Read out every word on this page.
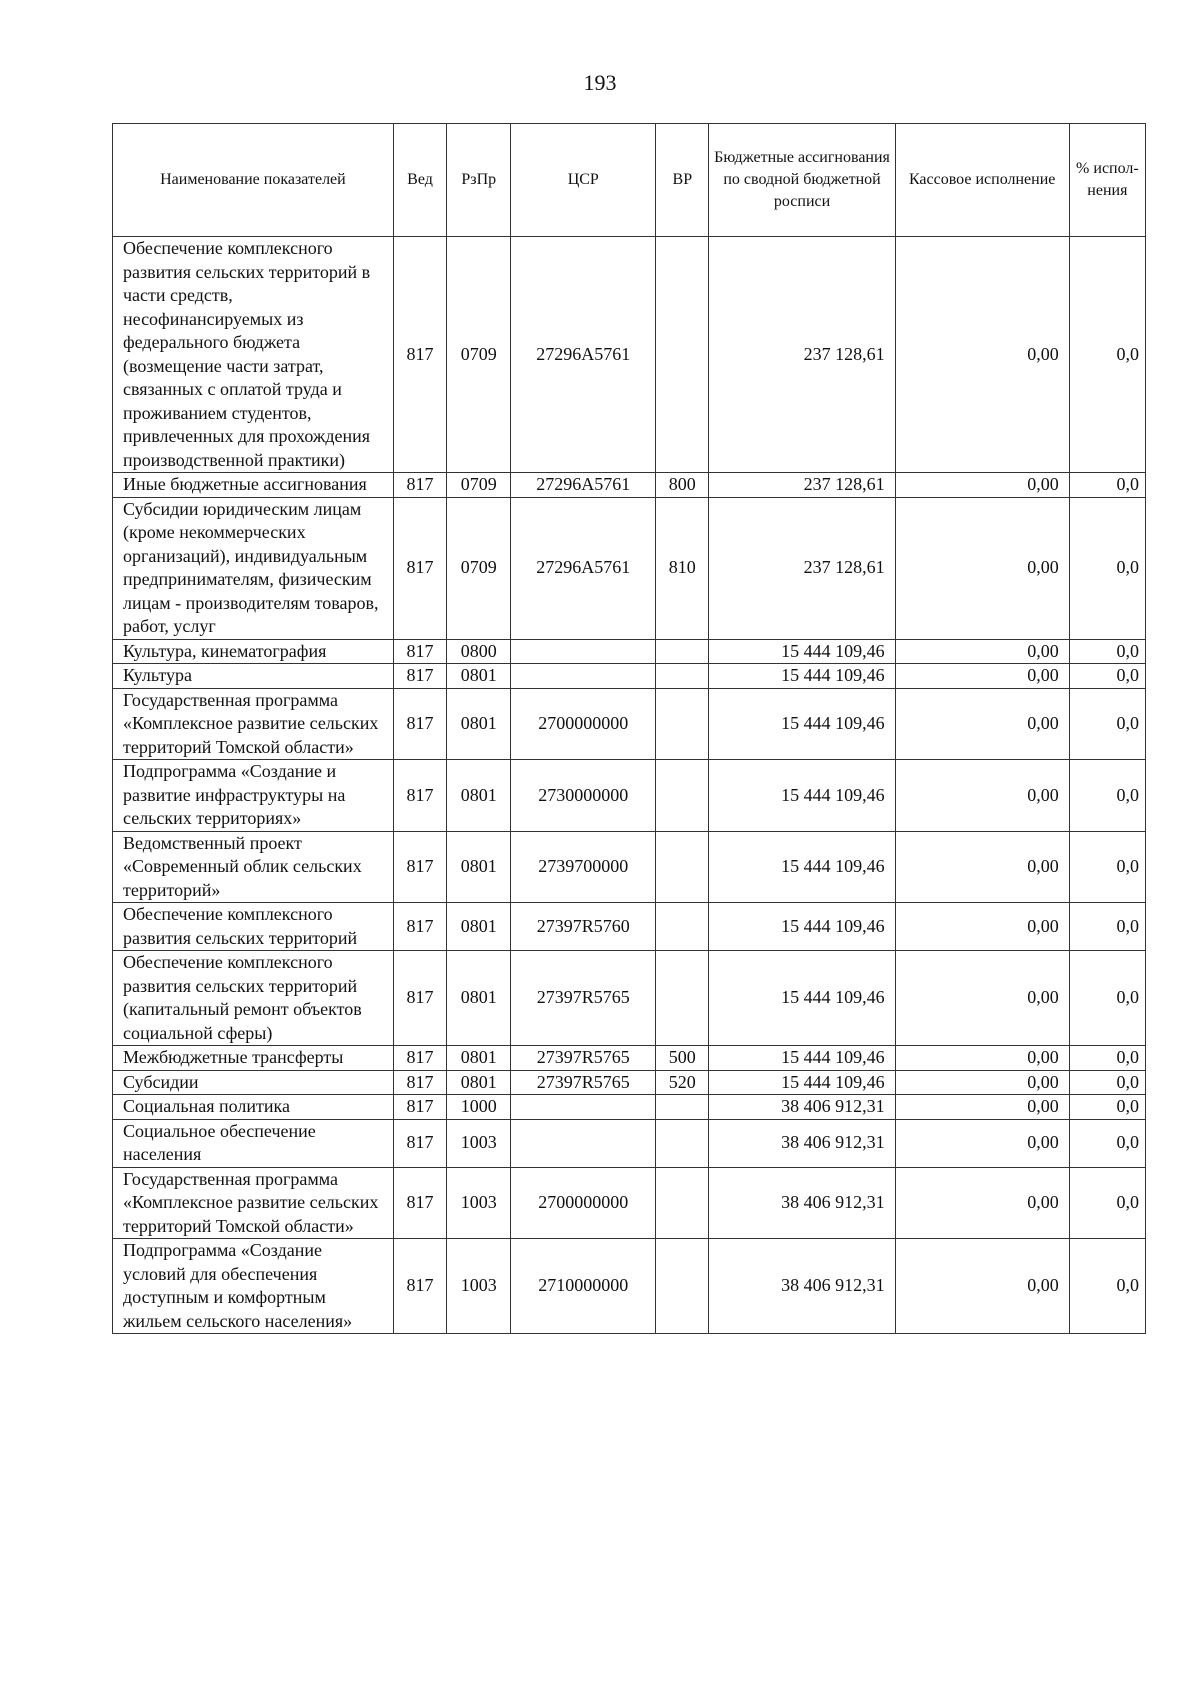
193
Наименование показателей	Вед	РзПр	ЦСР	ВР	Бюджетные ассигнования по сводной бюджетной росписи	Кассовое исполнение	% испол-нения
Обеспечение комплексного развития сельских территорий в части средств, несофинансируемых из федерального бюджета (возмещение части затрат, связанных с оплатой труда и проживанием студентов, привлеченных для прохождения производственной практики)	817	0709	27296А5761		237 128,61	0,00	0,0
Иные бюджетные ассигнования	817	0709	27296А5761	800	237 128,61	0,00	0,0
Субсидии юридическим лицам (кроме некоммерческих организаций), индивидуальным предпринимателям, физическим лицам - производителям товаров, работ, услуг	817	0709	27296А5761	810	237 128,61	0,00	0,0
Культура, кинематография	817	0800			15 444 109,46	0,00	0,0
Культура	817	0801			15 444 109,46	0,00	0,0
Государственная программа «Комплексное развитие сельских территорий Томской области»	817	0801	2700000000		15 444 109,46	0,00	0,0
Подпрограмма «Создание и развитие инфраструктуры на сельских территориях»	817	0801	2730000000		15 444 109,46	0,00	0,0
Ведомственный проект «Современный облик сельских территорий»	817	0801	2739700000		15 444 109,46	0,00	0,0
Обеспечение комплексного развития сельских территорий	817	0801	27397R5760		15 444 109,46	0,00	0,0
Обеспечение комплексного развития сельских территорий (капитальный ремонт объектов социальной сферы)	817	0801	27397R5765		15 444 109,46	0,00	0,0
Межбюджетные трансферты	817	0801	27397R5765	500	15 444 109,46	0,00	0,0
Субсидии	817	0801	27397R5765	520	15 444 109,46	0,00	0,0
Социальная политика	817	1000			38 406 912,31	0,00	0,0
Социальное обеспечение населения	817	1003			38 406 912,31	0,00	0,0
Государственная программа «Комплексное развитие сельских территорий Томской области»	817	1003	2700000000		38 406 912,31	0,00	0,0
Подпрограмма «Создание условий для обеспечения доступным и комфортным жильем сельского населения»	817	1003	2710000000		38 406 912,31	0,00	0,0
